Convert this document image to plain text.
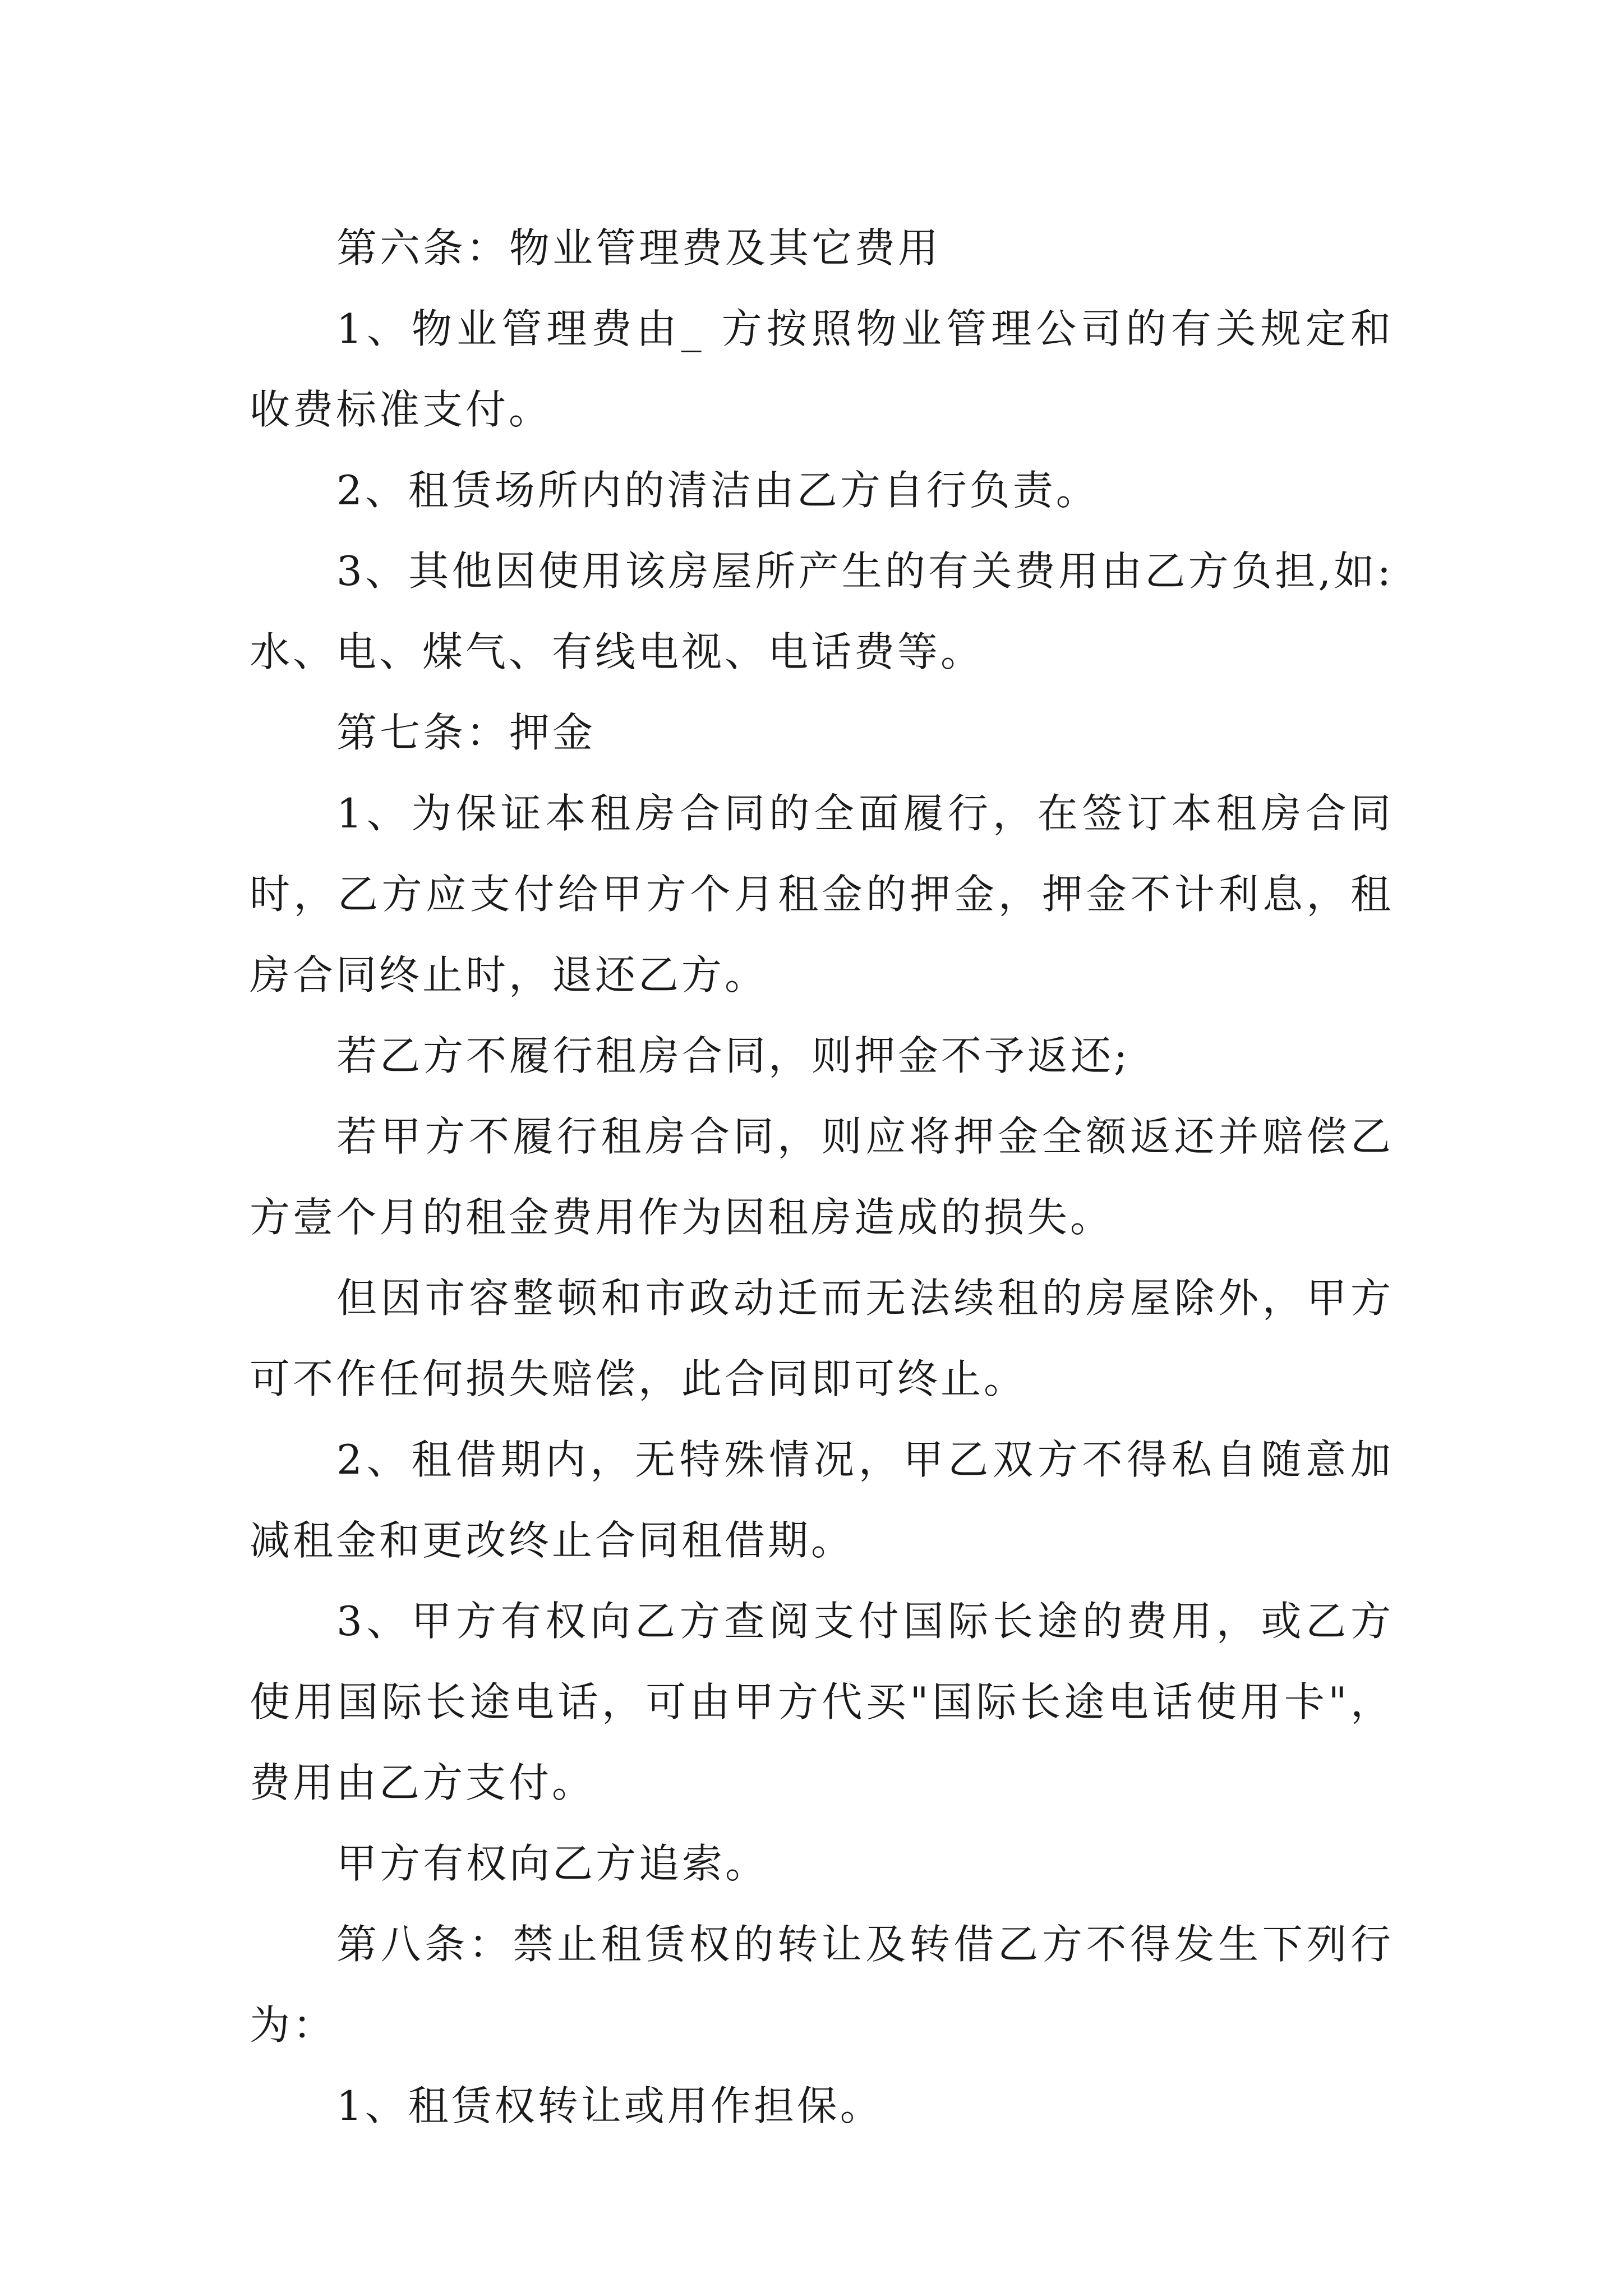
第六条：物业管理费及其它费用

1、物业管理费由_ 方按照物业管理公司的有关规定和收费标准支付。

2、租赁场所内的清洁由乙方自行负责。

3、其他因使用该房屋所产生的有关费用由乙方负担,如:水、电、煤气、有线电视、电话费等。

第七条：押金

1、为保证本租房合同的全面履行，在签订本租房合同时，乙方应支付给甲方个月租金的押金，押金不计利息，租房合同终止时，退还乙方。

若乙方不履行租房合同，则押金不予返还;

若甲方不履行租房合同，则应将押金全额返还并赔偿乙方壹个月的租金费用作为因租房造成的损失。

但因市容整顿和市政动迁而无法续租的房屋除外，甲方可不作任何损失赔偿，此合同即可终止。

2、租借期内，无特殊情况，甲乙双方不得私自随意加减租金和更改终止合同租借期。

3、甲方有权向乙方查阅支付国际长途的费用，或乙方使用国际长途电话，可由甲方代买"国际长途电话使用卡"，费用由乙方支付。

甲方有权向乙方追索。

第八条：禁止租赁权的转让及转借乙方不得发生下列行为：

1、租赁权转让或用作担保。
